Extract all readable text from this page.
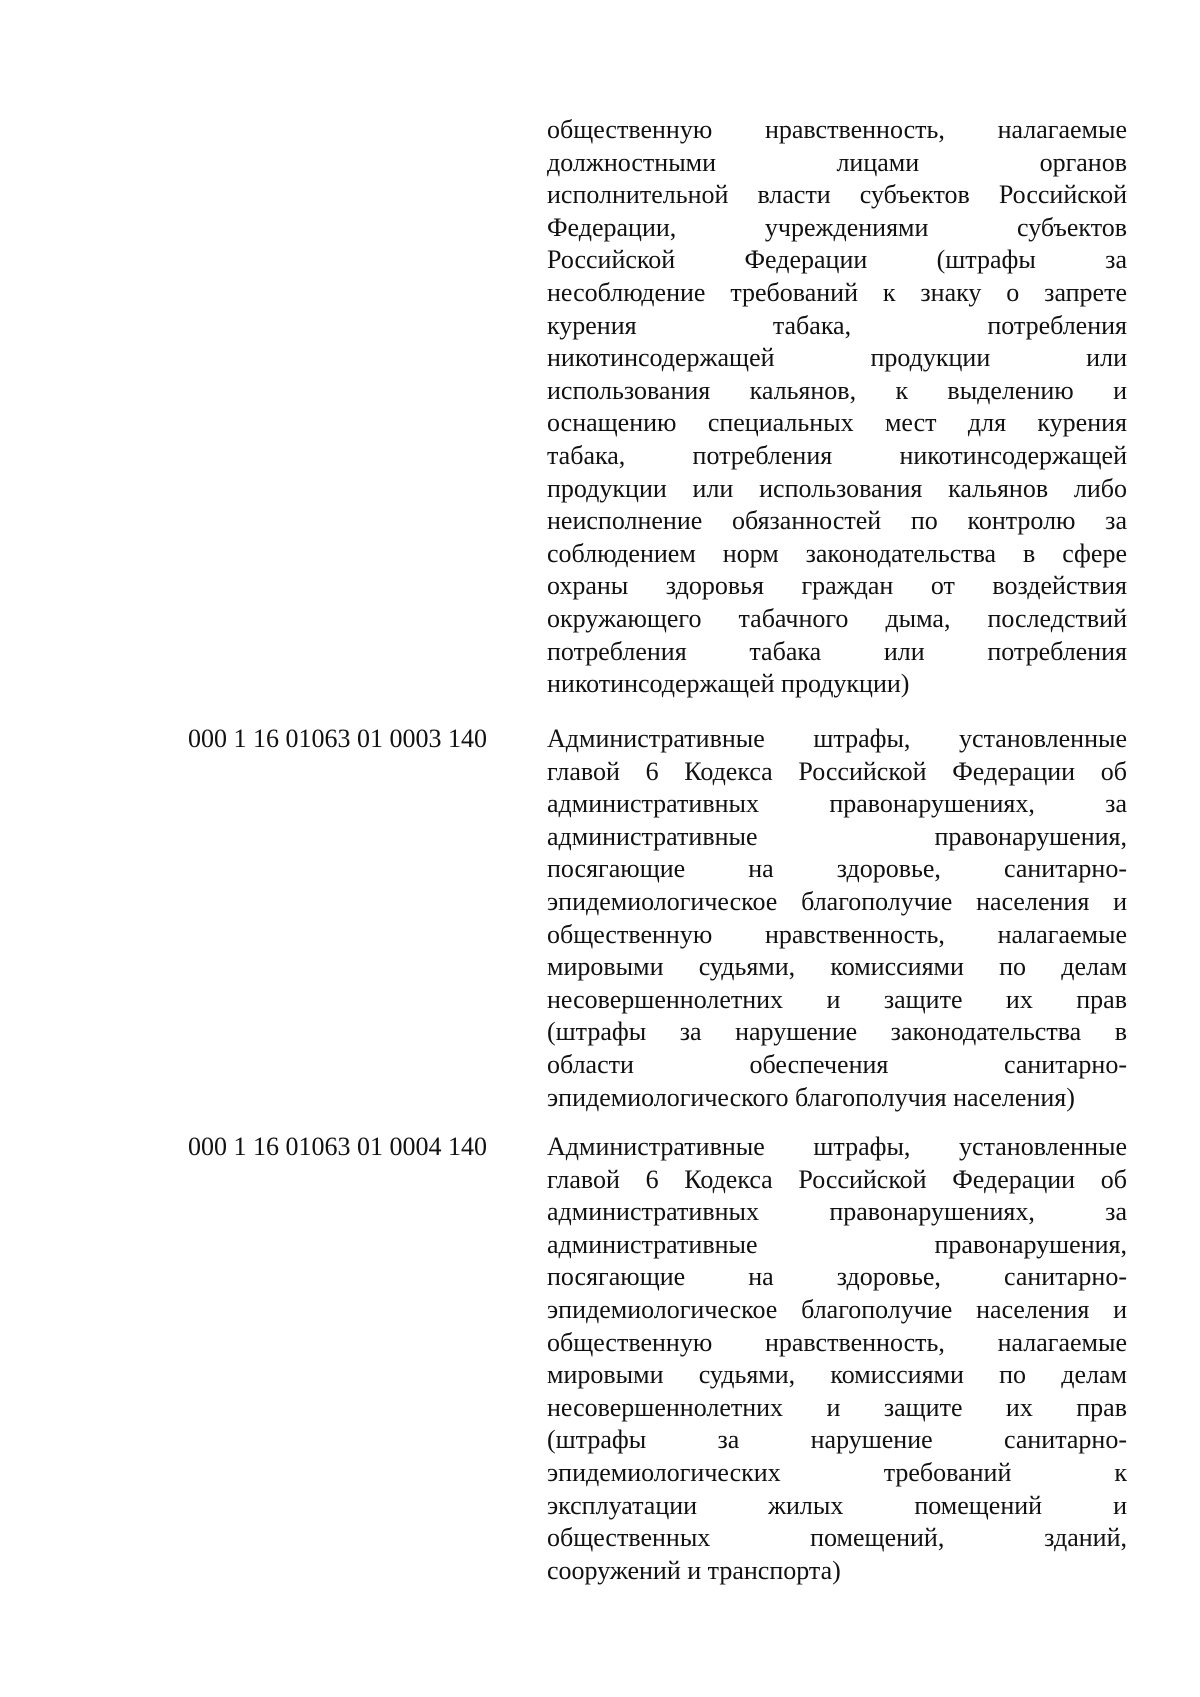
общественную нравственность, налагаемые
должностными лицами органов
исполнительной власти субъектов Российской
Федерации, учреждениями субъектов
Российской Федерации (штрафы за
несоблюдение требований к знаку о запрете
курения табака, потребления
никотинсодержащей продукции или
использования кальянов, к выделению и
оснащению специальных мест для курения
табака, потребления никотинсодержащей
продукции или использования кальянов либо
неисполнение обязанностей по контролю за
соблюдением норм законодательства в сфере
охраны здоровья граждан от воздействия
окружающего табачного дыма, последствий
потребления табака или потребления
никотинсодержащей продукции)
000 1 16 01063 01 0003 140 Административные штрафы, установленные
главой 6 Кодекса Российской Федерации об
административных правонарушениях, за
административные правонарушения,
посягающие на здоровье, санитарно-
эпидемиологическое благополучие населения и
общественную нравственность, налагаемые
мировыми судьями, комиссиями по делам
несовершеннолетних и защите их прав
(штрафы за нарушение законодательства в
области обеспечения санитарно-
эпидемиологического благополучия населения)
000 1 16 01063 01 0004 140 Административные штрафы, установленные
главой 6 Кодекса Российской Федерации об
административных правонарушениях, за
административные правонарушения,
посягающие на здоровье, санитарно-
эпидемиологическое благополучие населения и
общественную нравственность, налагаемые
мировыми судьями, комиссиями по делам
несовершеннолетних и защите их прав
(штрафы за нарушение санитарно-
эпидемиологических требований к
эксплуатации жилых помещений и
общественных помещений, зданий,
сооружений и транспорта)
